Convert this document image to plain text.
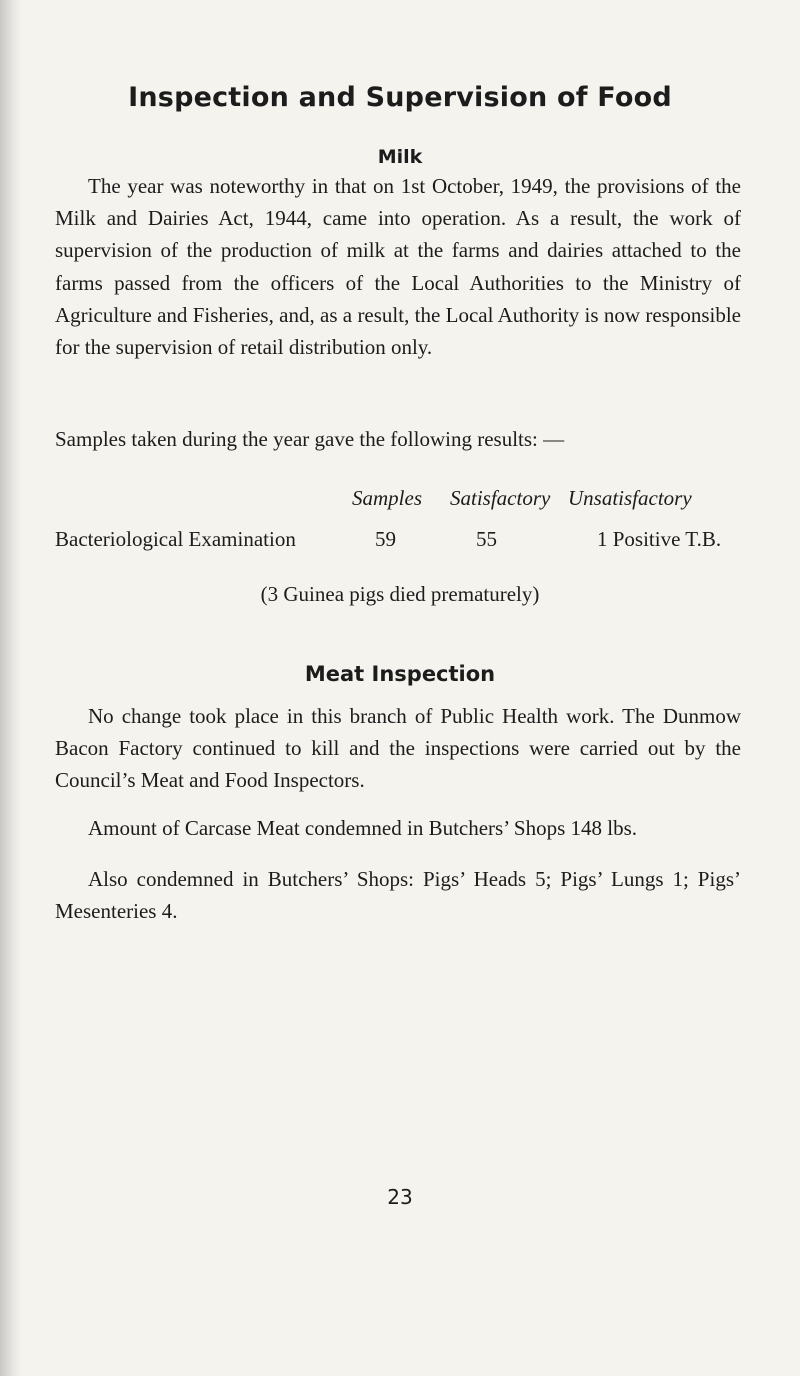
Inspection and Supervision of Food
Milk

The year was noteworthy in that on 1st October, 1949, the provisions of the Milk and Dairies Act, 1944, came into operation. As a result, the work of supervision of the production of milk at the farms and dairies attached to the farms passed from the officers of the Local Authorities to the Ministry of Agriculture and Fisheries, and, as a result, the Local Authority is now responsible for the supervision of retail distribution only.

Samples taken during the year gave the following results: —

Samples Satisfactory Unsatisfactory

Bacteriological Examination	59	55	1 Positive T.B.

(3 Guinea pigs died prematurely)

Meat Inspection

No change took place in this branch of Public Health work. The Dunmow Bacon Factory continued to kill and the inspections were carried out by the Council’s Meat and Food Inspectors.

Amount of Carcase Meat condemned in Butchers’ Shops 148 lbs.

Also condemned in Butchers’ Shops: Pigs’ Heads 5; Pigs’ Lungs 1; Pigs’ Mesenteries 4.

23
